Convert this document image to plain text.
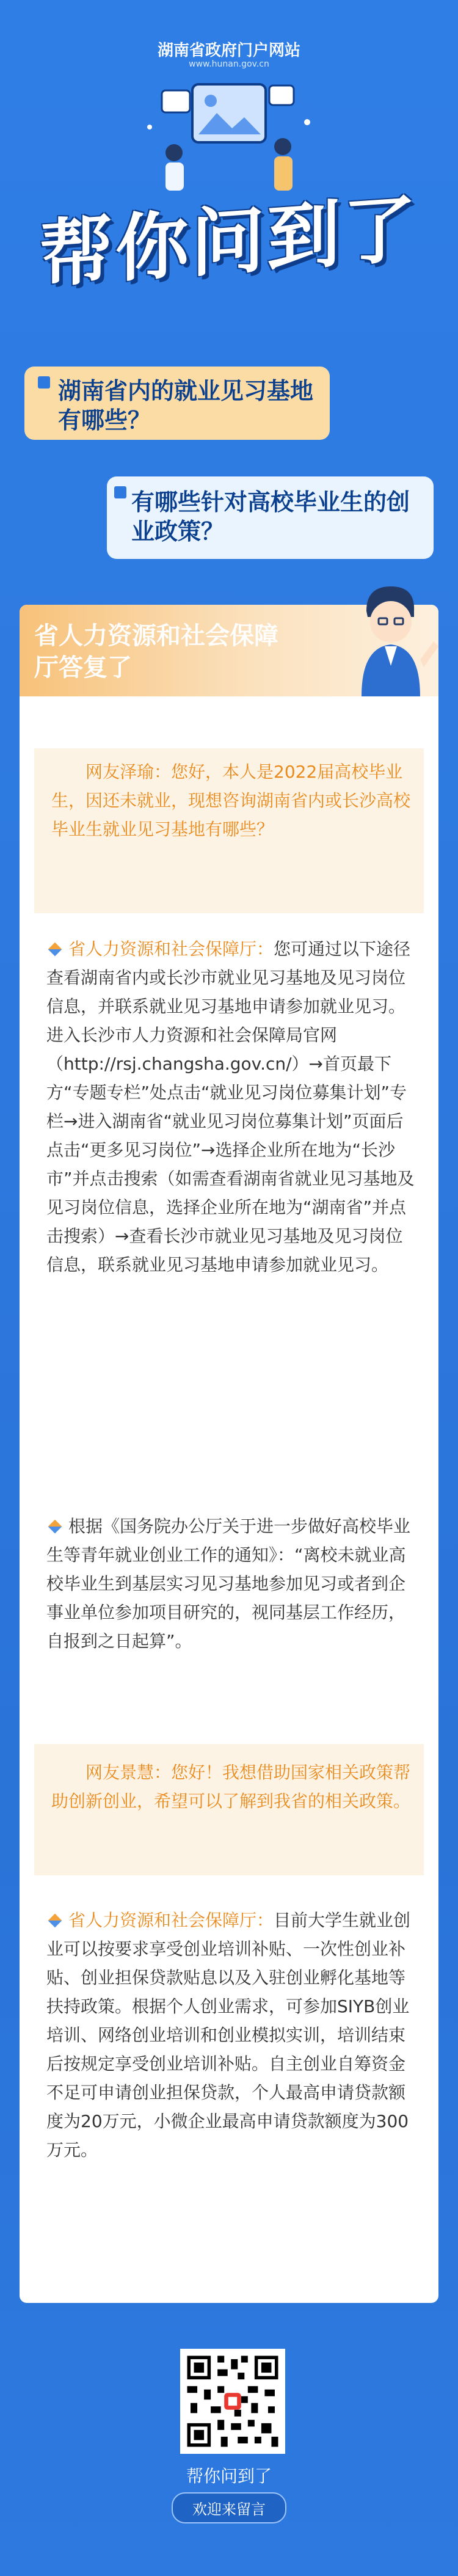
湖南省政府门户网站
www.hunan.gov.cn
帮你问到了
湖南省内的就业见习基地有哪些？
有哪些针对高校毕业生的创业政策？
省人力资源和社会保障厅答复了
网友泽瑜：您好，本人是2022届高校毕业生，因还未就业，现想咨询湖南省内或长沙高校毕业生就业见习基地有哪些？
省人力资源和社会保障厅：您可通过以下途径查看湖南省内或长沙市就业见习基地及见习岗位信息，并联系就业见习基地申请参加就业见习。进入长沙市人力资源和社会保障局官网（http://rsj.changsha.gov.cn/）→首页最下方“专题专栏”处点击“就业见习岗位募集计划”专栏→进入湖南省“就业见习岗位募集计划”页面后点击“更多见习岗位”→选择企业所在地为“长沙市”并点击搜索（如需查看湖南省就业见习基地及见习岗位信息，选择企业所在地为“湖南省”并点击搜索）→查看长沙市就业见习基地及见习岗位信息，联系就业见习基地申请参加就业见习。
根据《国务院办公厅关于进一步做好高校毕业生等青年就业创业工作的通知》：“离校未就业高校毕业生到基层实习见习基地参加见习或者到企事业单位参加项目研究的，视同基层工作经历，自报到之日起算”。
网友景慧：您好！我想借助国家相关政策帮助创新创业，希望可以了解到我省的相关政策。
省人力资源和社会保障厅：目前大学生就业创业可以按要求享受创业培训补贴、一次性创业补贴、创业担保贷款贴息以及入驻创业孵化基地等扶持政策。根据个人创业需求，可参加SIYB创业培训、网络创业培训和创业模拟实训，培训结束后按规定享受创业培训补贴。自主创业自筹资金不足可申请创业担保贷款，个人最高申请贷款额度为20万元，小微企业最高申请贷款额度为300万元。
帮你问到了
欢迎来留言
